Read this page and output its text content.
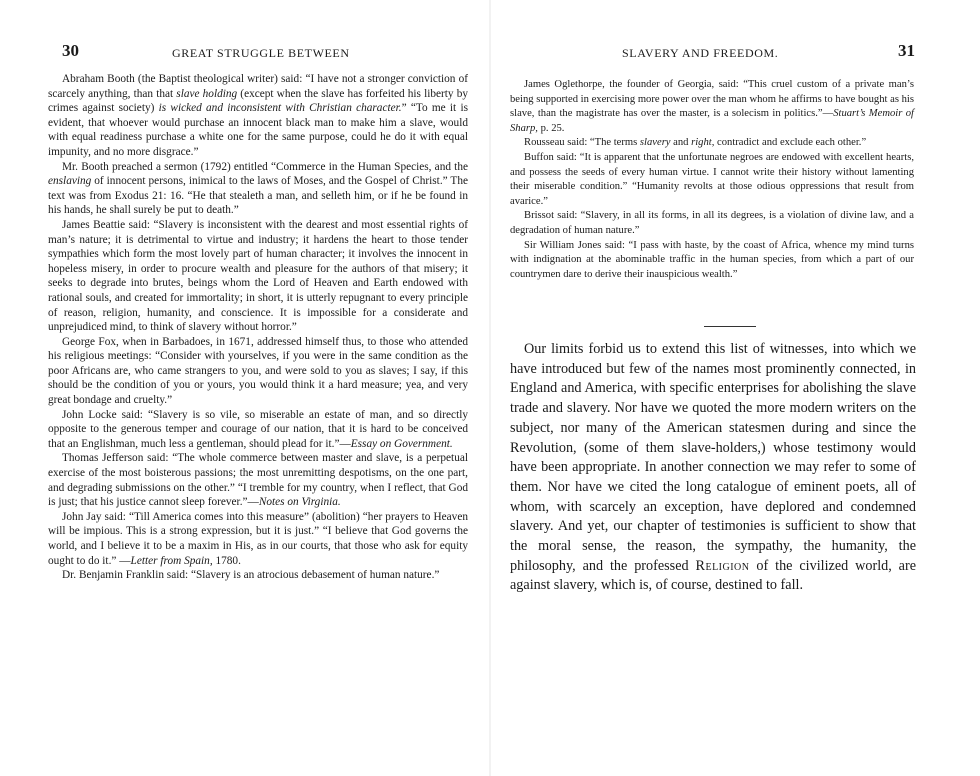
30	GREAT STRUGGLE BETWEEN

Abraham Booth (the Baptist theological writer) said: “I have not a stronger conviction of scarcely anything, than that slave holding (except when the slave has forfeited his liberty by crimes against society) is wicked and inconsistent with Christian character.” “To me it is evident, that whoever would purchase an innocent black man to make him a slave, would with equal readiness purchase a white one for the same purpose, could he do it with equal impunity, and no more disgrace.”

Mr. Booth preached a sermon (1792) entitled “Commerce in the Human Species, and the enslaving of innocent persons, inimical to the laws of Moses, and the Gospel of Christ.” The text was from Exodus 21: 16. “He that stealeth a man, and selleth him, or if he be found in his hands, he shall surely be put to death.”

James Beattie said: “Slavery is inconsistent with the dearest and most essential rights of man’s nature; it is detrimental to virtue and industry; it hardens the heart to those tender sympathies which form the most lovely part of human character; it involves the innocent in hopeless misery, in order to procure wealth and pleasure for the authors of that misery; it seeks to degrade into brutes, beings whom the Lord of Heaven and Earth endowed with rational souls, and created for immortality; in short, it is utterly repugnant to every principle of reason, religion, humanity, and conscience. It is impossible for a considerate and unprejudiced mind, to think of slavery without horror.”

George Fox, when in Barbadoes, in 1671, addressed himself thus, to those who attended his religious meetings: “Consider with yourselves, if you were in the same condition as the poor Africans are, who came strangers to you, and were sold to you as slaves; I say, if this should be the condition of you or yours, you would think it a hard measure; yea, and very great bondage and cruelty.”

John Locke said: “Slavery is so vile, so miserable an estate of man, and so directly opposite to the generous temper and courage of our nation, that it is hard to be conceived that an Englishman, much less a gentleman, should plead for it.”—Essay on Government.

Thomas Jefferson said: “The whole commerce between master and slave, is a perpetual exercise of the most boisterous passions; the most unremitting despotisms, on the one part, and degrading submissions on the other.” “I tremble for my country, when I reflect, that God is just; that his justice cannot sleep forever.”—Notes on Virginia.

John Jay said: “Till America comes into this measure” (abolition) “her prayers to Heaven will be impious. This is a strong expression, but it is just.” “I believe that God governs the world, and I believe it to be a maxim in His, as in our courts, that those who ask for equity ought to do it.” —Letter from Spain, 1780.

Dr. Benjamin Franklin said: “Slavery is an atrocious debasement of human nature.”

SLAVERY AND FREEDOM.	31

James Oglethorpe, the founder of Georgia, said: “This cruel custom of a private man’s being supported in exercising more power over the man whom he affirms to have bought as his slave, than the magistrate has over the master, is a solecism in politics.”—Stuart’s Memoir of Sharp, p. 25.

Rousseau said: “The terms slavery and right, contradict and exclude each other.”

Buffon said: “It is apparent that the unfortunate negroes are endowed with excellent hearts, and possess the seeds of every human virtue. I cannot write their history without lamenting their miserable condition.” “Humanity revolts at those odious oppressions that result from avarice.”

Brissot said: “Slavery, in all its forms, in all its degrees, is a violation of divine law, and a degradation of human nature.”

Sir William Jones said: “I pass with haste, by the coast of Africa, whence my mind turns with indignation at the abominable traffic in the human species, from which a part of our countrymen dare to derive their inauspicious wealth.”

Our limits forbid us to extend this list of witnesses, into which we have introduced but few of the names most prominently connected, in England and America, with specific enterprises for abolishing the slave trade and slavery. Nor have we quoted the more modern writers on the subject, nor many of the American statesmen during and since the Revolution, (some of them slave-holders,) whose testimony would have been appropriate. In another connection we may refer to some of them. Nor have we cited the long catalogue of eminent poets, all of whom, with scarcely an exception, have deplored and condemned slavery. And yet, our chapter of testimonies is sufficient to show that the moral sense, the reason, the sympathy, the humanity, the philosophy, and the professed Religion of the civilized world, are against slavery, which is, of course, destined to fall.
